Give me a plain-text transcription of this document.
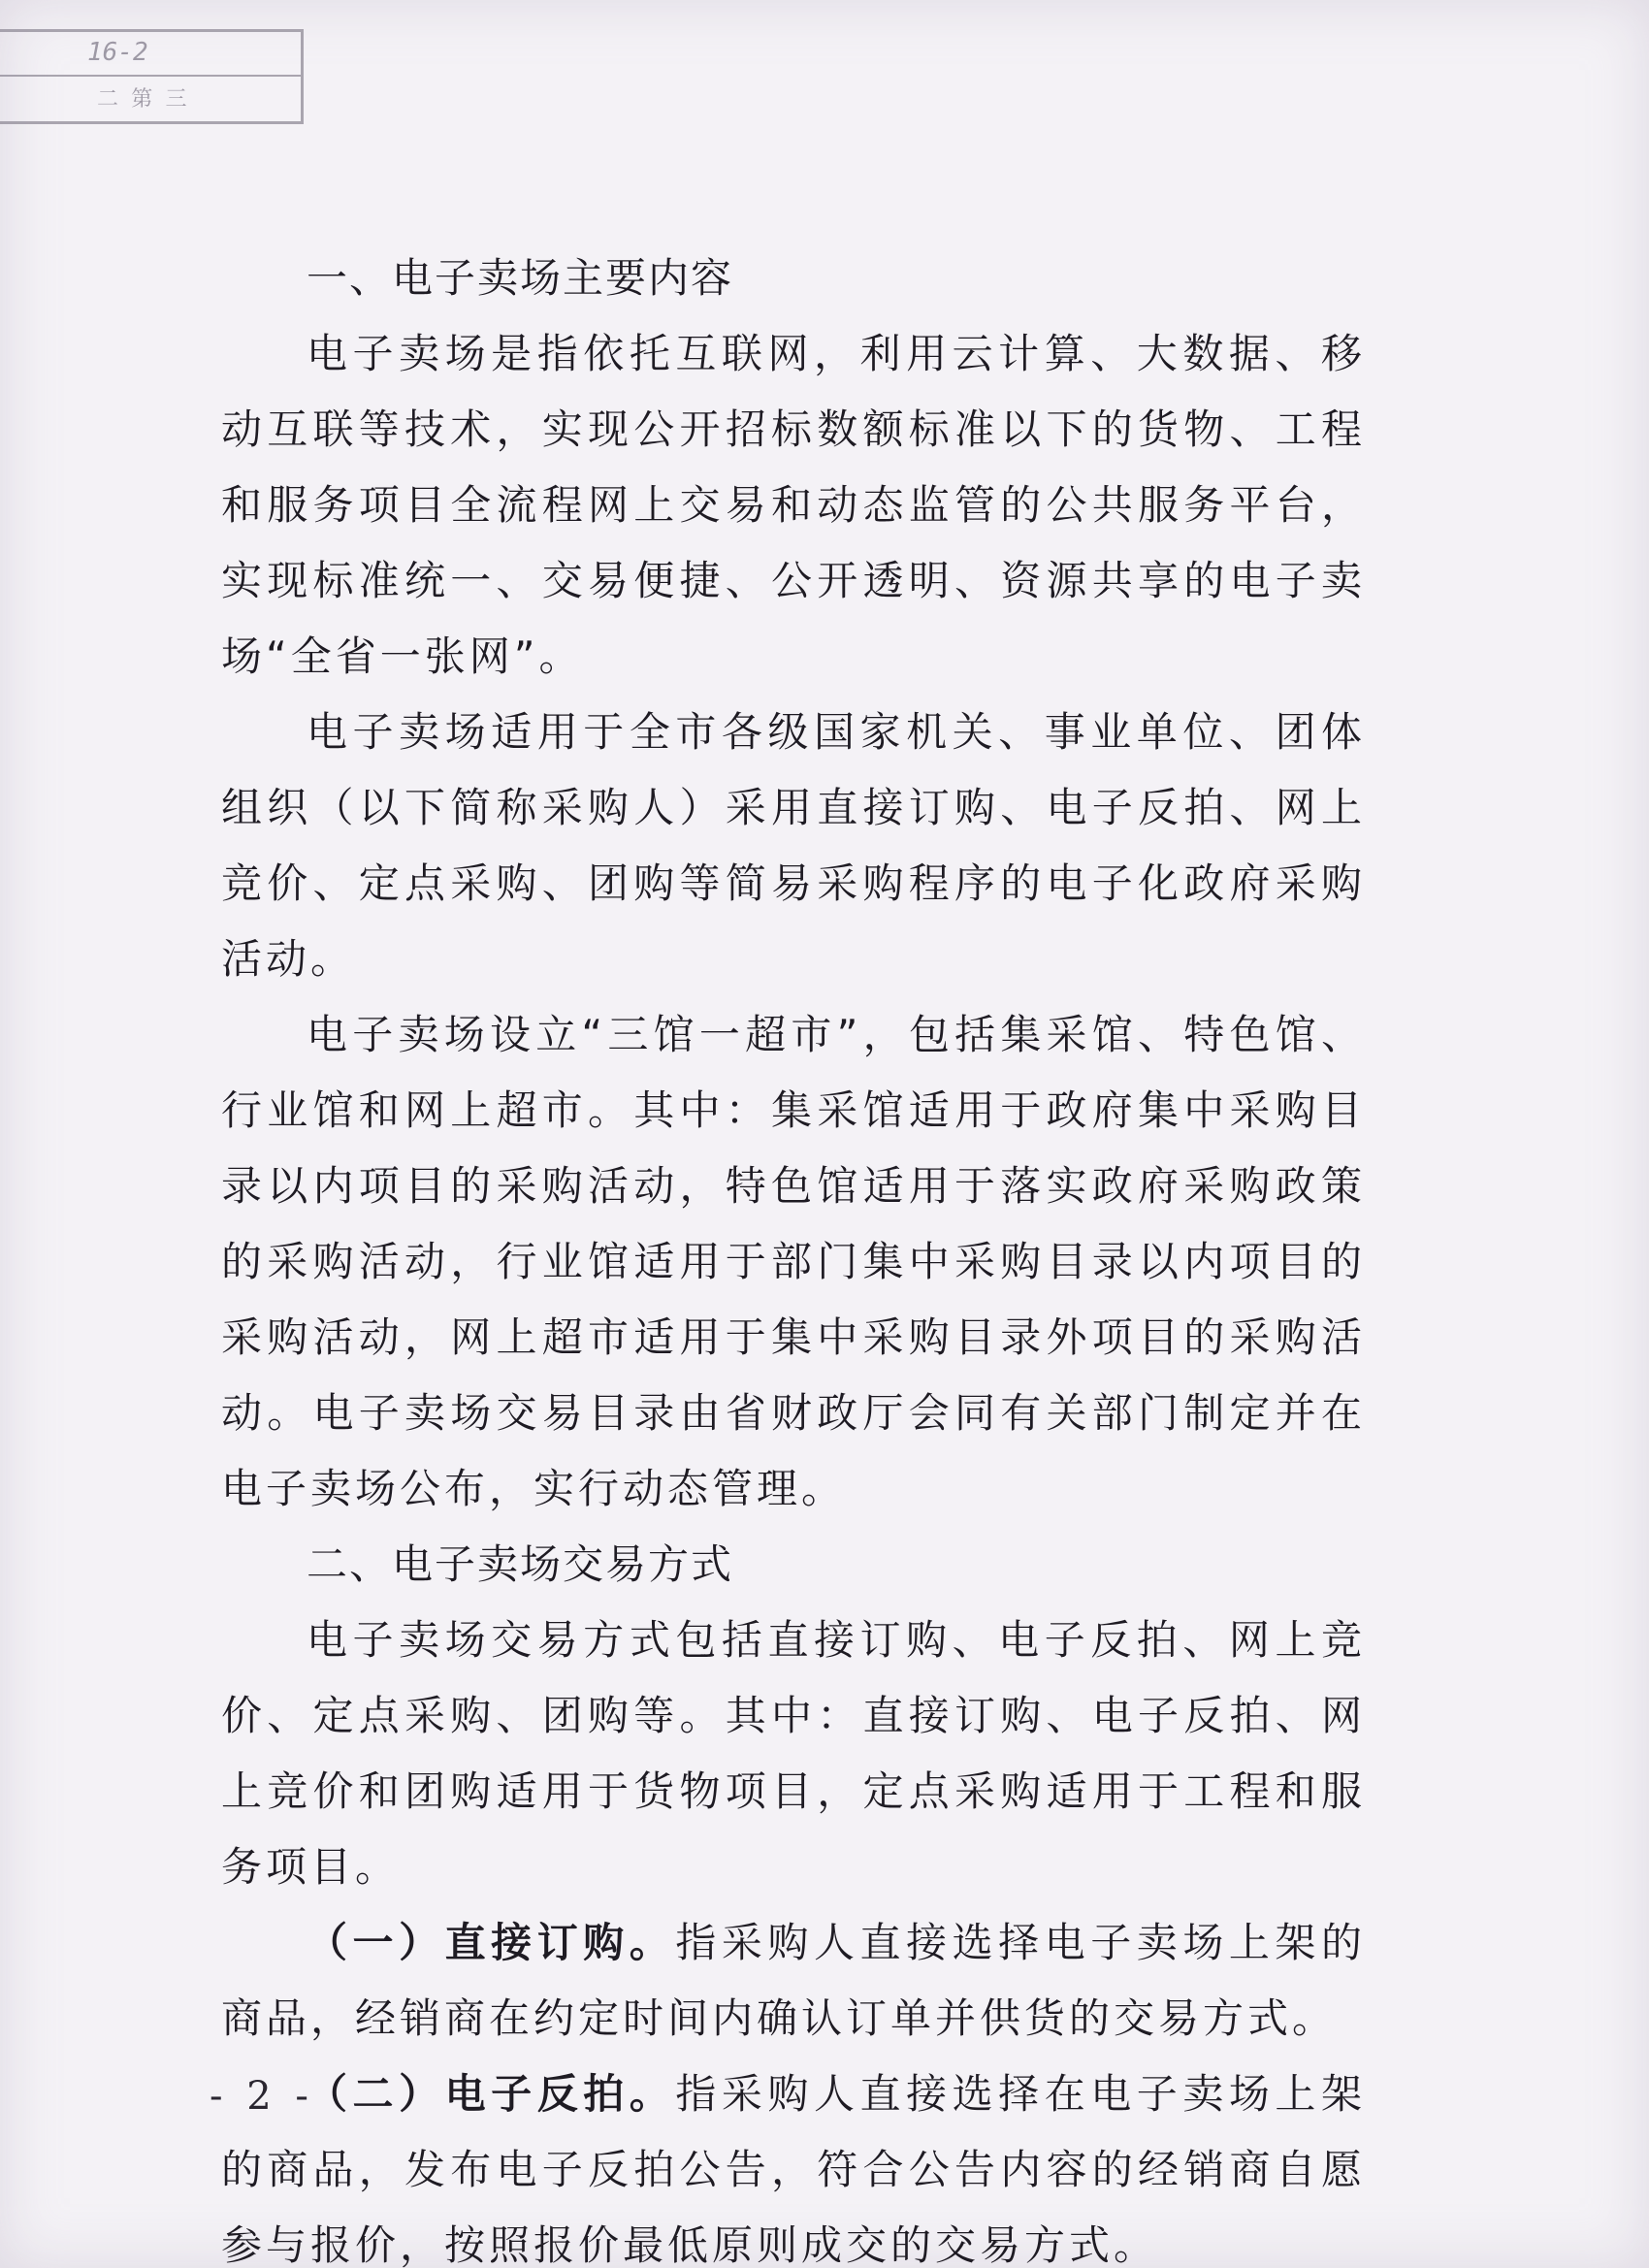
16-2
二 第 三
一、电子卖场主要内容

电子卖场是指依托互联网，利用云计算、大数据、移动互联等技术，实现公开招标数额标准以下的货物、工程和服务项目全流程网上交易和动态监管的公共服务平台，实现标准统一、交易便捷、公开透明、资源共享的电子卖场“全省一张网”。

电子卖场适用于全市各级国家机关、事业单位、团体组织（以下简称采购人）采用直接订购、电子反拍、网上竞价、定点采购、团购等简易采购程序的电子化政府采购活动。

电子卖场设立“三馆一超市”，包括集采馆、特色馆、行业馆和网上超市。其中：集采馆适用于政府集中采购目录以内项目的采购活动，特色馆适用于落实政府采购政策的采购活动，行业馆适用于部门集中采购目录以内项目的采购活动，网上超市适用于集中采购目录外项目的采购活动。电子卖场交易目录由省财政厅会同有关部门制定并在电子卖场公布，实行动态管理。

二、电子卖场交易方式

电子卖场交易方式包括直接订购、电子反拍、网上竞价、定点采购、团购等。其中：直接订购、电子反拍、网上竞价和团购适用于货物项目，定点采购适用于工程和服务项目。

（一）直接订购。指采购人直接选择电子卖场上架的商品，经销商在约定时间内确认订单并供货的交易方式。

（二）电子反拍。指采购人直接选择在电子卖场上架的商品，发布电子反拍公告，符合公告内容的经销商自愿参与报价，按照报价最低原则成交的交易方式。

- 2 -
